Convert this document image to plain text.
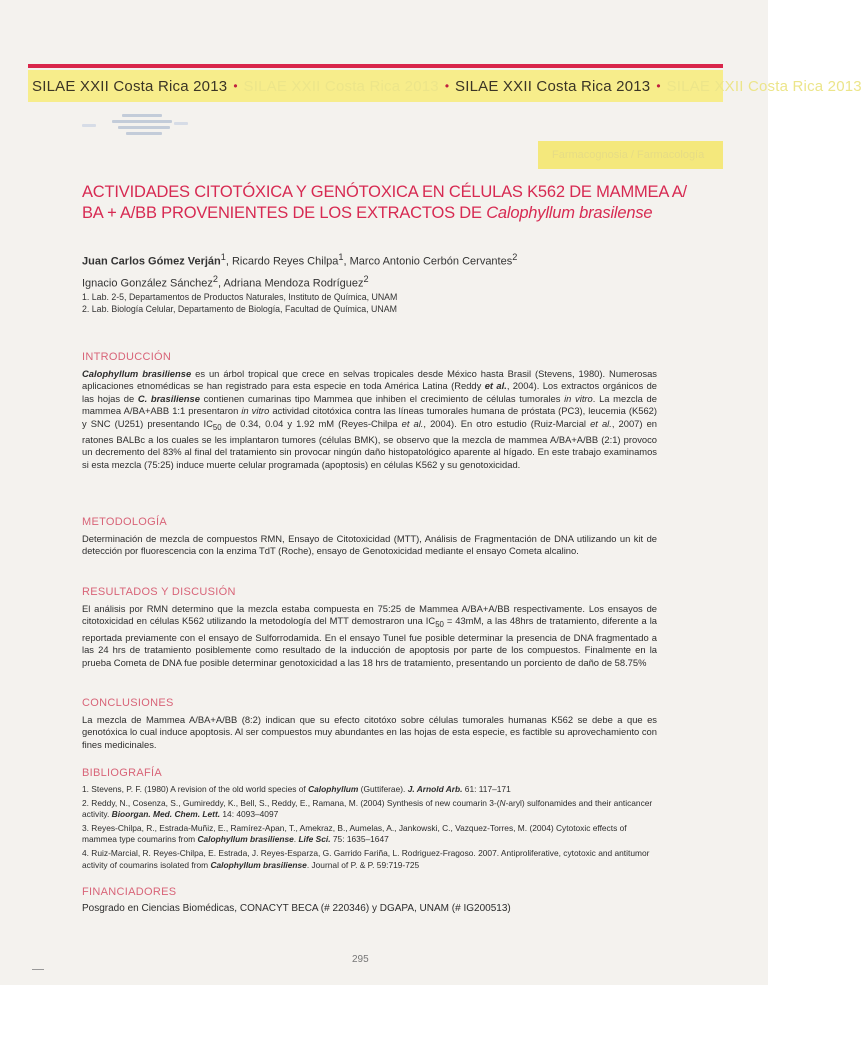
SILAE XXII Costa Rica 2013 • SILAE XXII Costa Rica 2013 • SILAE XXII Costa Rica 2013 • SILAE XXII Costa Rica 2013
Farmacognosia / Farmacología
ACTIVIDADES CITOTÓXICA Y GENÓTOXICA EN CÉLULAS K562 DE MAMMEA A/ BA + A/BB PROVENIENTES DE LOS EXTRACTOS DE Calophyllum brasilense
Juan Carlos Gómez Verján$^1$, Ricardo Reyes Chilpa$^1$, Marco Antonio Cerbón Cervantes$^2$
Ignacio González Sánchez$^2$, Adriana Mendoza Rodríguez$^2$
1. Lab. 2-5, Departamentos de Productos Naturales, Instituto de Química, UNAM
2. Lab. Biología Celular, Departamento de Biología, Facultad de Química, UNAM
INTRODUCCIÓN

Calophyllum brasiliense es un árbol tropical que crece en selvas tropicales desde México hasta Brasil (Stevens, 1980). Numerosas aplicaciones etnomédicas se han registrado para esta especie en toda América Latina (Reddy et al., 2004). Los extractos orgánicos de las hojas de C. brasiliense contienen cumarinas tipo Mammea que inhiben el crecimiento de células tumorales in vitro. La mezcla de mammea A/BA+ABB 1:1 presentaron in vitro actividad citotóxica contra las líneas tumorales humana de próstata (PC3), leucemia (K562) y SNC (U251) presentando $IC_{50}$ de 0.34, 0.04 y 1.92 mM (Reyes-Chilpa et al., 2004). En otro estudio (Ruiz-Marcial et al., 2007) en ratones BALBc a los cuales se les implantaron tumores (células BMK), se observo que la mezcla de mammea A/BA+A/BB (2:1) provoco un decremento del 83% al final del tratamiento sin provocar ningún daño histopatológico aparente al hígado. En este trabajo examinamos si esta mezcla (75:25) induce muerte celular programada (apoptosis) en células K562 y su genotoxicidad.

METODOLOGÍA

Determinación de mezcla de compuestos RMN, Ensayo de Citotoxicidad (MTT), Análisis de Fragmentación de DNA utilizando un kit de detección por fluorescencia con la enzima TdT (Roche), ensayo de Genotoxicidad mediante el ensayo Cometa alcalino.

RESULTADOS Y DISCUSIÓN

El análisis por RMN determino que la mezcla estaba compuesta en 75:25 de Mammea A/BA+A/BB respectivamente. Los ensayos de citotoxicidad en células K562 utilizando la metodología del MTT demostraron una $IC_{50} = 43mM$, a las 48hrs de tratamiento, diferente a la reportada previamente con el ensayo de Sulforrodamida. En el ensayo Tunel fue posible determinar la presencia de DNA fragmentado a las 24 hrs de tratamiento posiblemente como resultado de la inducción de apoptosis por parte de los compuestos. Finalmente en la prueba Cometa de DNA fue posible determinar genotoxicidad a las 18 hrs de tratamiento, presentando un porciento de daño de 58.75%

CONCLUSIONES

La mezcla de Mammea A/BA+A/BB (8:2) indican que su efecto citotóxo sobre células tumorales humanas K562 se debe a que es genotóxica lo cual induce apoptosis. Al ser compuestos muy abundantes en las hojas de esta especie, es factible su aprovechamiento con fines medicinales.

BIBLIOGRAFÍA

1. Stevens, P. F. (1980) A revision of the old world species of Calophyllum (Guttiferae). J. Arnold Arb. 61: 117–171

2. Reddy, N., Cosenza, S., Gumireddy, K., Bell, S., Reddy, E., Ramana, M. (2004) Synthesis of new coumarin 3-(N-aryl) sulfonamides and their anticancer activity. Bioorgan. Med. Chem. Lett. 14: 4093–4097

3. Reyes-Chilpa, R., Estrada-Muñiz, E., Ramírez-Apan, T., Amekraz, B., Aumelas, A., Jankowski, C., Vazquez-Torres, M. (2004) Cytotoxic effects of mammea type coumarins from Calophyllum brasiliense. Life Sci. 75: 1635–1647

4. Ruiz-Marcial, R. Reyes-Chilpa, E. Estrada, J. Reyes-Esparza, G. Garrido Fariña, L. Rodriguez-Fragoso. 2007. Antiproliferative, cytotoxic and antitumor activity of coumarins isolated from Calophyllum brasiliense. Journal of P. & P. 59:719-725

FINANCIADORES

Posgrado en Ciencias Biomédicas, CONACYT BECA (# 220346) y DGAPA, UNAM (# IG200513)

295
